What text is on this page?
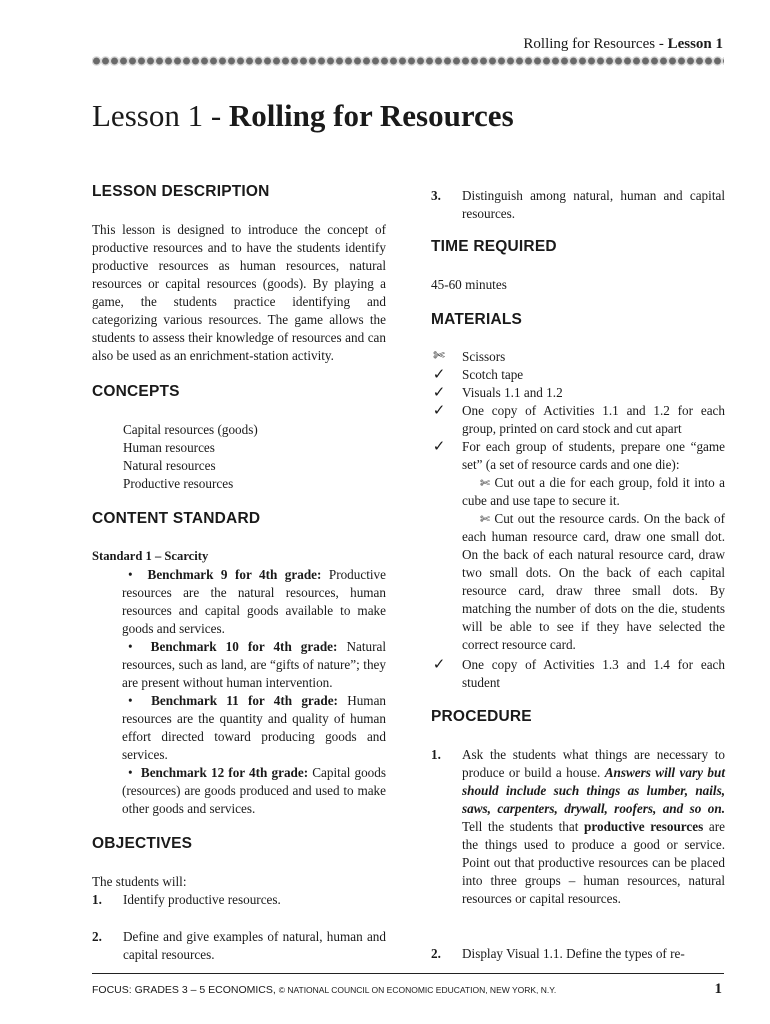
Rolling for Resources - Lesson 1
Lesson 1 - Rolling for Resources
LESSON DESCRIPTION
This lesson is designed to introduce the concept of productive resources and to have the students identify productive resources as human resources, natural resources or capital resources (goods). By playing a game, the students practice identifying and categorizing various resources. The game allows the students to assess their knowledge of resources and can also be used as an enrichment-station activity.
CONCEPTS
Capital resources (goods)
Human resources
Natural resources
Productive resources
CONTENT STANDARD
Standard 1 – Scarcity
• Benchmark 9 for 4th grade: Productive resources are the natural resources, human resources and capital goods available to make goods and services.
• Benchmark 10 for 4th grade: Natural resources, such as land, are “gifts of nature”; they are present without human intervention.
• Benchmark 11 for 4th grade: Human resources are the quantity and quality of human effort directed toward producing goods and services.
• Benchmark 12 for 4th grade: Capital goods (resources) are goods produced and used to make other goods and services.
OBJECTIVES
The students will:
1. Identify productive resources.
2. Define and give examples of natural, human and capital resources.
3. Distinguish among natural, human and capital resources.
TIME REQUIRED
45-60 minutes
MATERIALS
✄ Scissors
✓ Scotch tape
✓ Visuals 1.1 and 1.2
✓ One copy of Activities 1.1 and 1.2 for each group, printed on card stock and cut apart
✓ For each group of students, prepare one “game set” (a set of resource cards and one die):
✄ Cut out a die for each group, fold it into a cube and use tape to secure it.
✄ Cut out the resource cards. On the back of each human resource card, draw one small dot. On the back of each natural resource card, draw two small dots. On the back of each capital resource card, draw three small dots. By matching the number of dots on the die, students will be able to see if they have selected the correct resource card.
✓ One copy of Activities 1.3 and 1.4 for each student
PROCEDURE
1. Ask the students what things are necessary to produce or build a house. Answers will vary but should include such things as lumber, nails, saws, carpenters, drywall, roofers, and so on. Tell the students that productive resources are the things used to produce a good or service. Point out that productive resources can be placed into three groups – human resources, natural resources or capital resources.
2. Display Visual 1.1. Define the types of re-
FOCUS: GRADES 3 – 5 ECONOMICS, © NATIONAL COUNCIL ON ECONOMIC EDUCATION, NEW YORK, N.Y.	1
